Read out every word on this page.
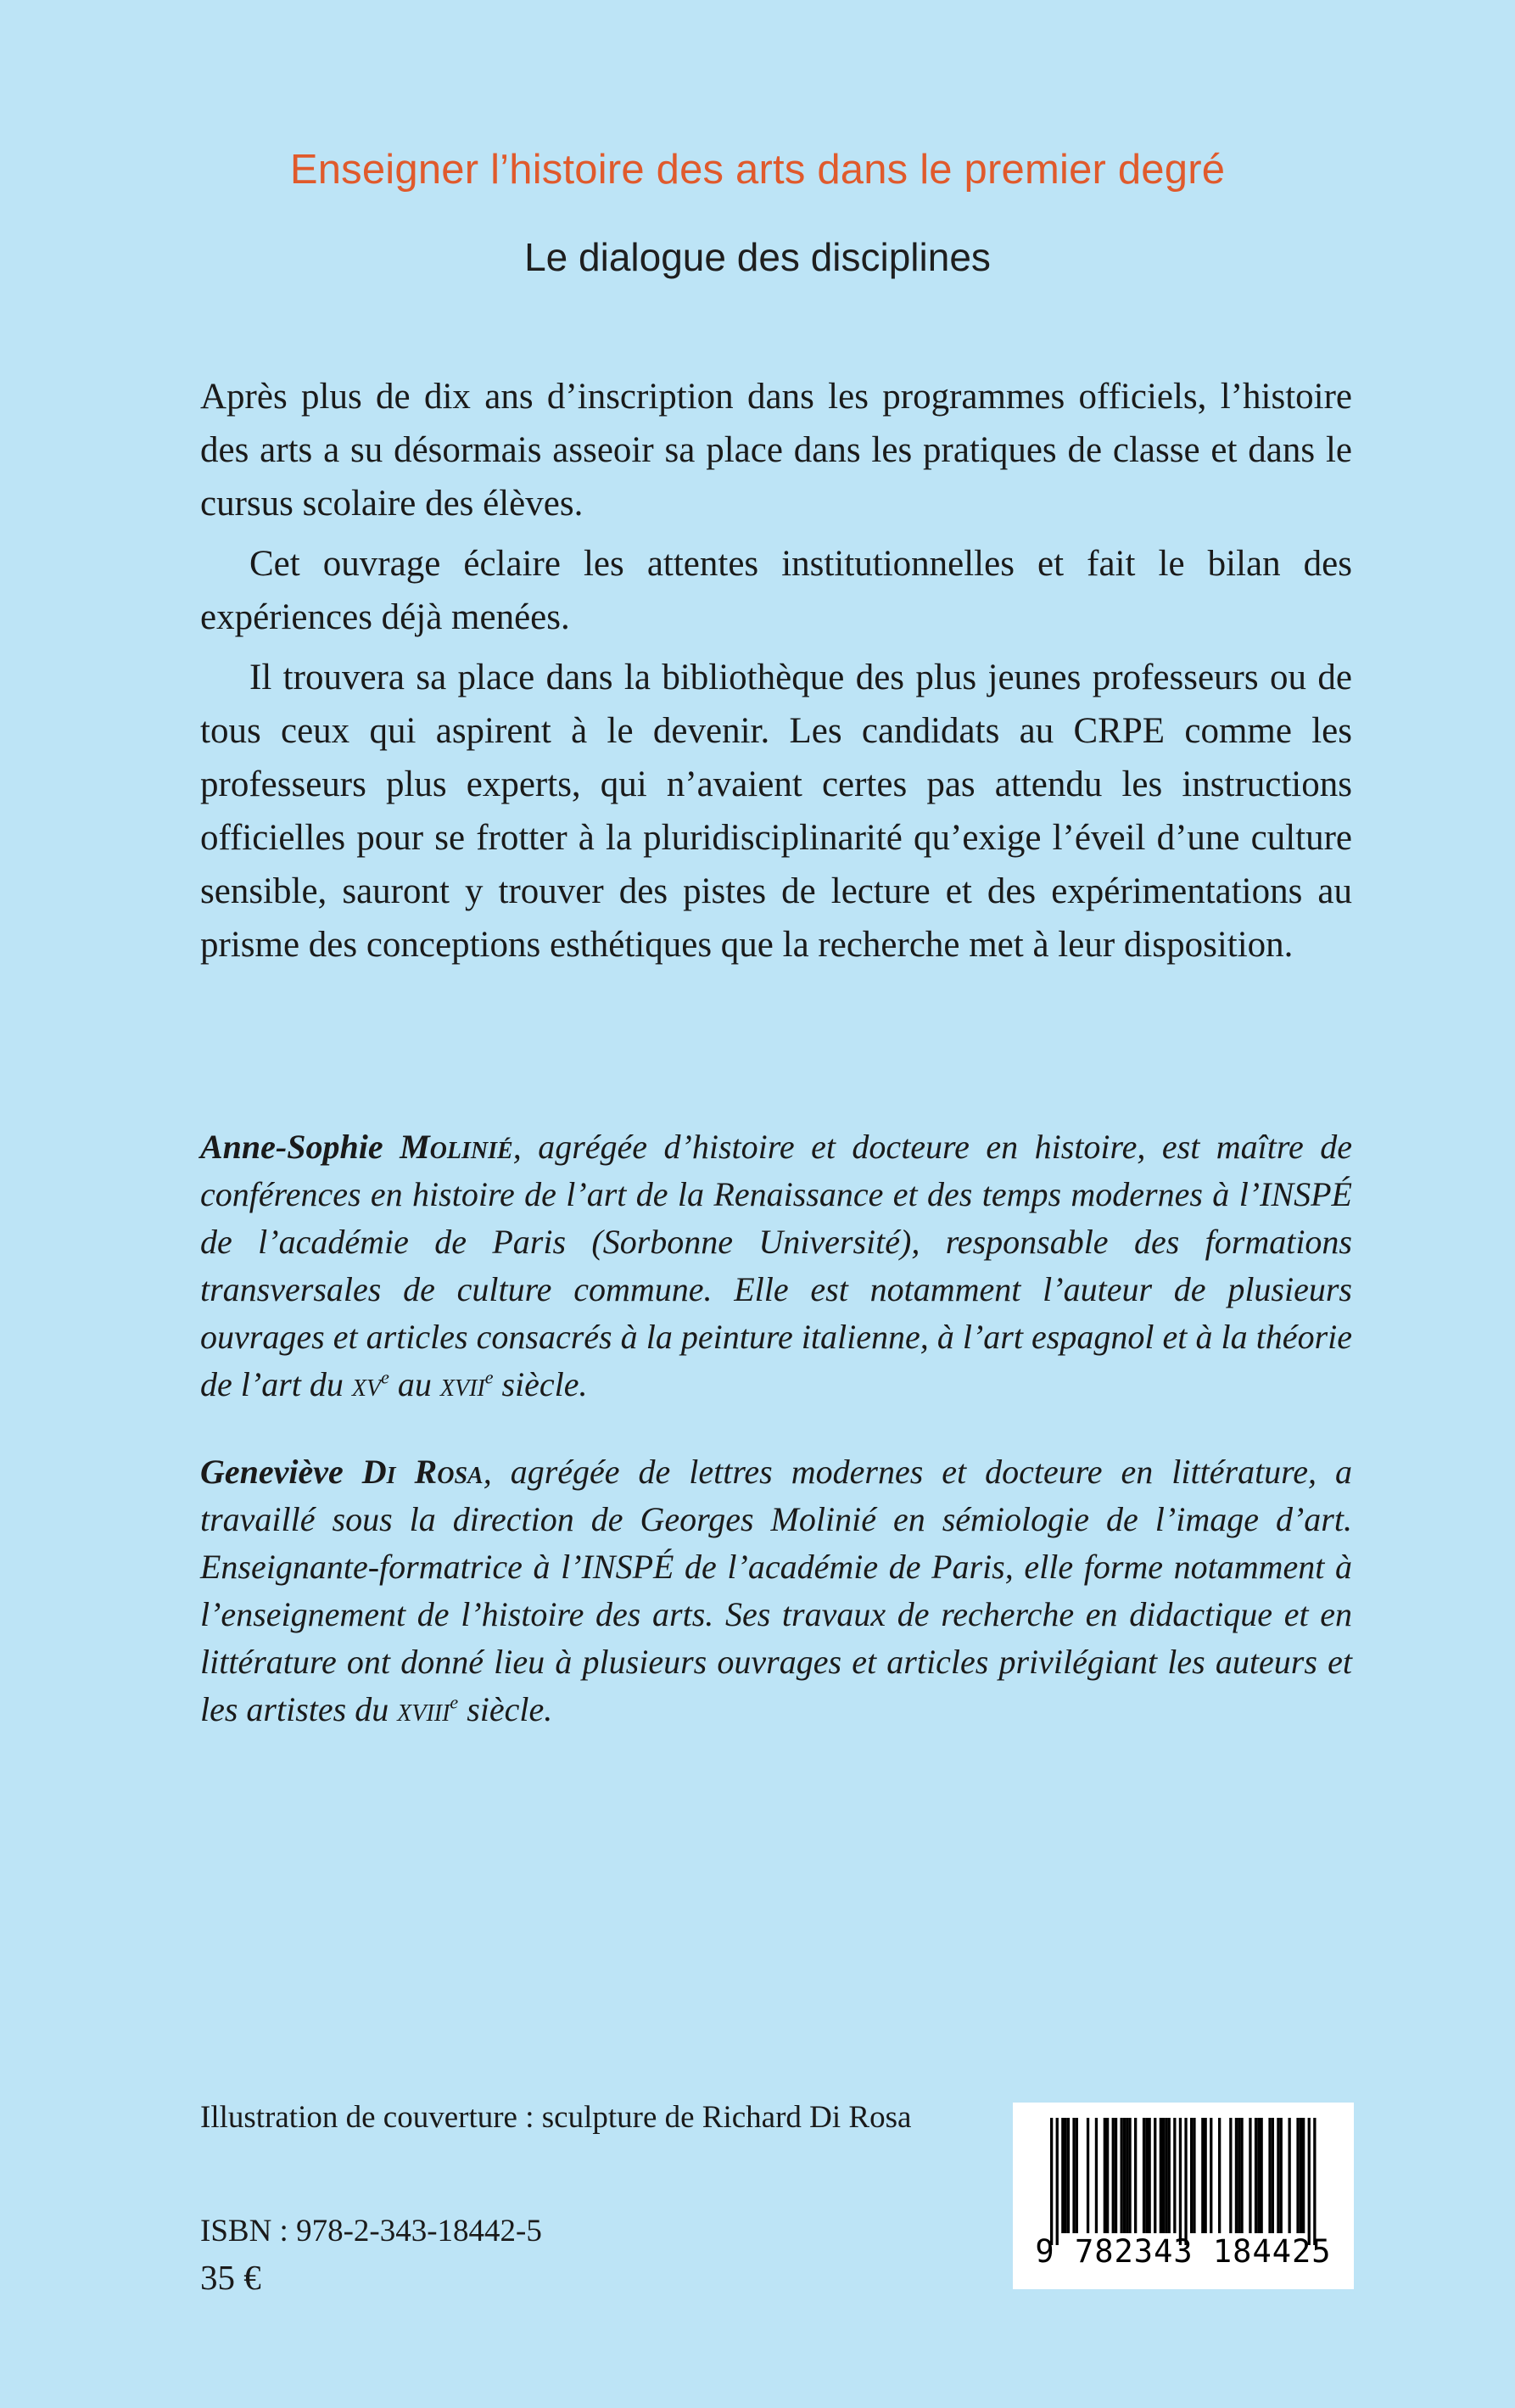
Enseigner l’histoire des arts dans le premier degré
Le dialogue des disciplines

Après plus de dix ans d’inscription dans les programmes officiels, l’histoire des arts a su désormais asseoir sa place dans les pratiques de classe et dans le cursus scolaire des élèves.

Cet ouvrage éclaire les attentes institutionnelles et fait le bilan des expériences déjà menées.

Il trouvera sa place dans la bibliothèque des plus jeunes professeurs ou de tous ceux qui aspirent à le devenir. Les candidats au CRPE comme les professeurs plus experts, qui n’avaient certes pas attendu les instructions officielles pour se frotter à la pluridisciplinarité qu’exige l’éveil d’une culture sensible, sauront y trouver des pistes de lecture et des expérimentations au prisme des conceptions esthétiques que la recherche met à leur disposition.

Anne-Sophie Molinié, agrégée d’histoire et docteure en histoire, est maître de conférences en histoire de l’art de la Renaissance et des temps modernes à l’INSPÉ de l’académie de Paris (Sorbonne Université), responsable des formations transversales de culture commune. Elle est notamment l’auteur de plusieurs ouvrages et articles consacrés à la peinture italienne, à l’art espagnol et à la théorie de l’art du $xv^e$ au xvii$^e$ siècle.

Geneviève Di Rosa, agrégée de lettres modernes et docteure en littérature, a travaillé sous la direction de Georges Molinié en sémiologie de l’image d’art. Enseignante-formatrice à l’INSPÉ de l’académie de Paris, elle forme notamment à l’enseignement de l’histoire des arts. Ses travaux de recherche en didactique et en littérature ont donné lieu à plusieurs ouvrages et articles privilégiant les auteurs et les artistes du xviii$^e$ siècle.

Illustration de couverture : sculpture de Richard Di Rosa

ISBN : 978-2-343-18442-5

35 €

9 782343 184425
